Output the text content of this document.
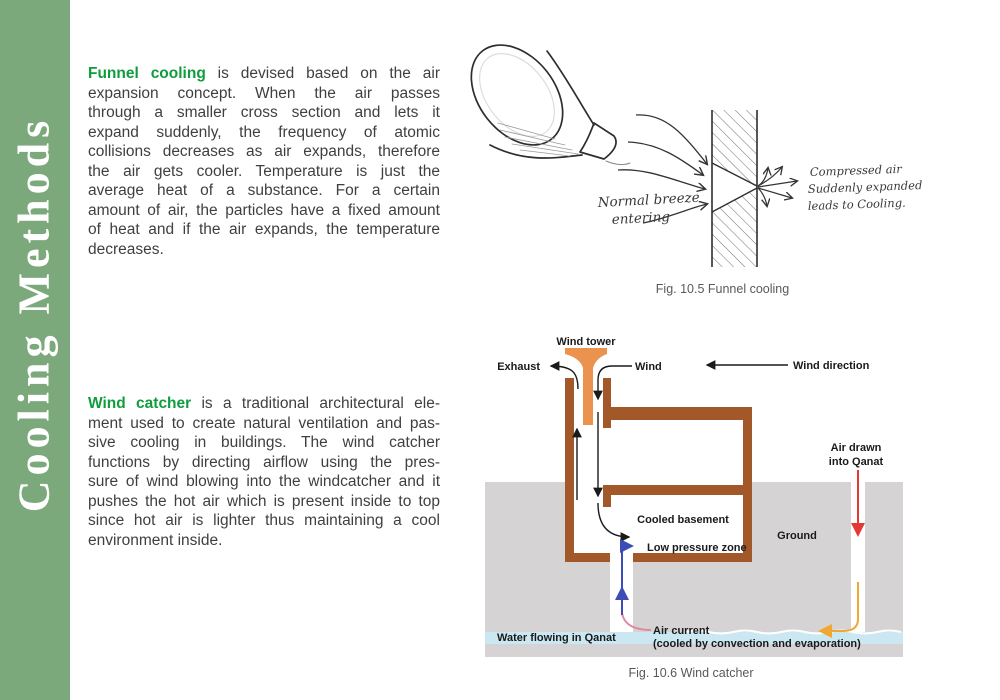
Cooling Methods
Funnel cooling is devised based on the air
expansion concept. When the air passes
through a smaller cross section and lets it
expand suddenly, the frequency of atomic
collisions decreases as air expands, therefore
the air gets cooler. Temperature is just the
average heat of a substance. For a certain
amount of air, the particles have a fixed amount
of heat and if the air expands, the temperature
decreases.
Wind catcher is a traditional architectural ele-
ment used to create natural ventilation and pas-
sive cooling in buildings. The wind catcher
functions by directing airflow using the pres-
sure of wind blowing into the windcatcher and it
pushes the hot air which is present inside to top
since hot air is lighter thus maintaining a cool
environment inside.
Normal breeze
entering
Compressed air
Suddenly expanded
leads to Cooling.
Fig. 10.5 Funnel cooling
Wind tower
Exhaust	Wind	Wind direction
Air drawn
into Qanat
Cooled basement
Ground
Low pressure zone
Air current
(cooled by convection and evaporation)
Water flowing in Qanat
Fig. 10.6 Wind catcher
